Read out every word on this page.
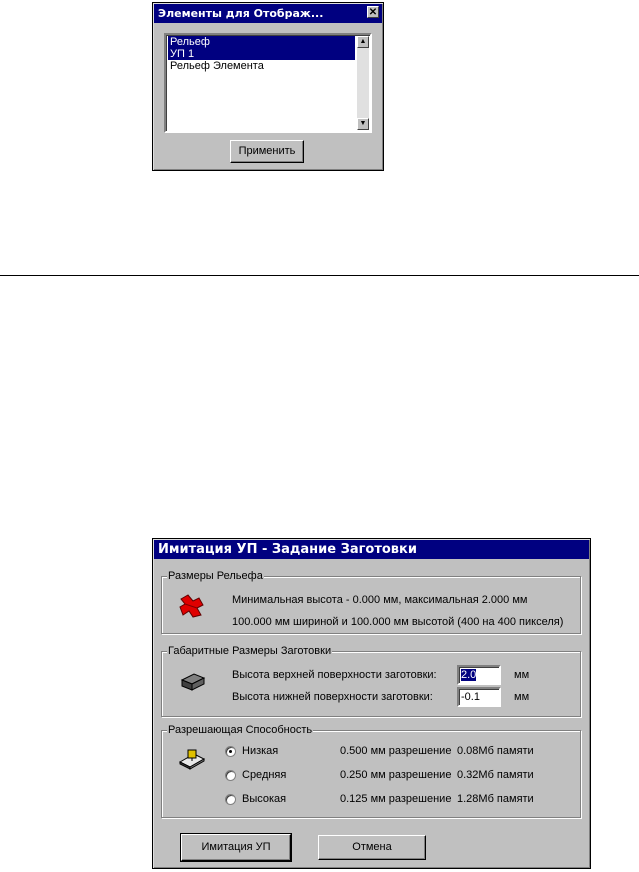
Элементы для Отображ...	✕
Рельеф
УП 1
Рельеф Элемента
▲
▼
Применить
Имитация УП - Задание Заготовки
Размеры Рельефа
Минимальная высота - 0.000 мм, максимальная 2.000 мм
100.000 мм шириной и 100.000 мм высотой (400 на 400 пикселя)
Габаритные Размеры Заготовки
Высота верхней поверхности заготовки:	2.0	мм
Высота нижней поверхности заготовки:	-0.1	мм
Разрешающая Способность
Низкая	0.500 мм разрешение 0.08Мб памяти
Средняя	0.250 мм разрешение 0.32Мб памяти
Высокая	0.125 мм разрешение 1.28Мб памяти
Имитация УП	Отмена
